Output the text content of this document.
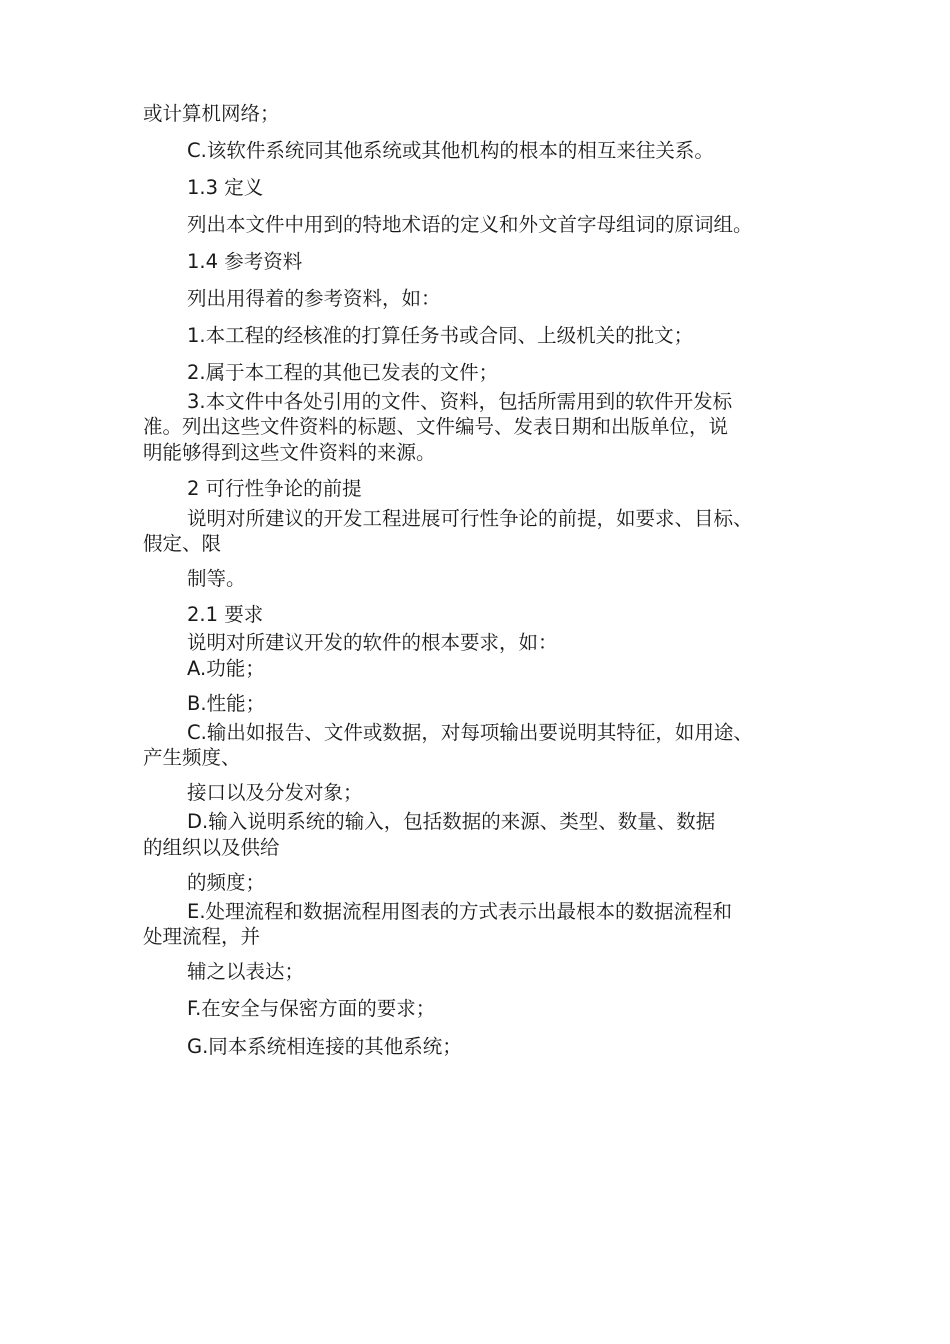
或计算机网络；
C.该软件系统同其他系统或其他机构的根本的相互来往关系。
1.3 定义
列出本文件中用到的特地术语的定义和外文首字母组词的原词组。
1.4 参考资料
列出用得着的参考资料，如：
1.本工程的经核准的打算任务书或合同、上级机关的批文；
2.属于本工程的其他已发表的文件；
3.本文件中各处引用的文件、资料，包括所需用到的软件开发标
准。列出这些文件资料的标题、文件编号、发表日期和出版单位，说
明能够得到这些文件资料的来源。
2 可行性争论的前提
说明对所建议的开发工程进展可行性争论的前提，如要求、目标、
假定、限
制等。
2.1 要求
说明对所建议开发的软件的根本要求，如：
A.功能；
B.性能；
C.输出如报告、文件或数据，对每项输出要说明其特征，如用途、
产生频度、
接口以及分发对象；
D.输入说明系统的输入，包括数据的来源、类型、数量、数据
的组织以及供给
的频度；
E.处理流程和数据流程用图表的方式表示出最根本的数据流程和
处理流程，并
辅之以表达；
F.在安全与保密方面的要求；
G.同本系统相连接的其他系统；
